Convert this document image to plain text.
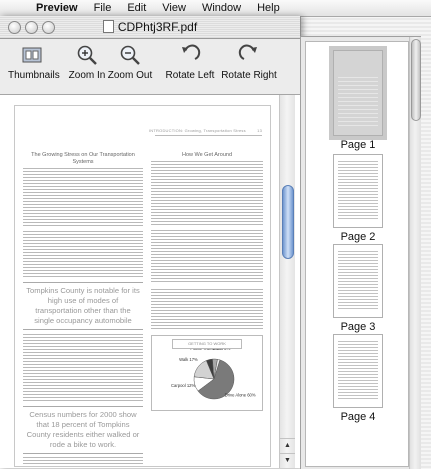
Preview	File	Edit	View	Window	Help
CDPhtj3RF.pdf
Thumbnails Zoom In Zoom Out	Rotate Left Rotate Right
INTRODUCTION: Growing, Transportation Stress	13
The Growing Stress on Our Transportation Systems
Tompkins County is notable for its high use of modes of transportation other than the single occupancy automobile
Census numbers for 2000 show that 18 percent of Tompkins County residents either walked or rode a bike to work.
How We Get Around
GETTING TO WORK
Drive Alone 60%
Carpool 12%
Walk 17%
▲
▼
Page 1
Page 2
Page 3
Page 4
